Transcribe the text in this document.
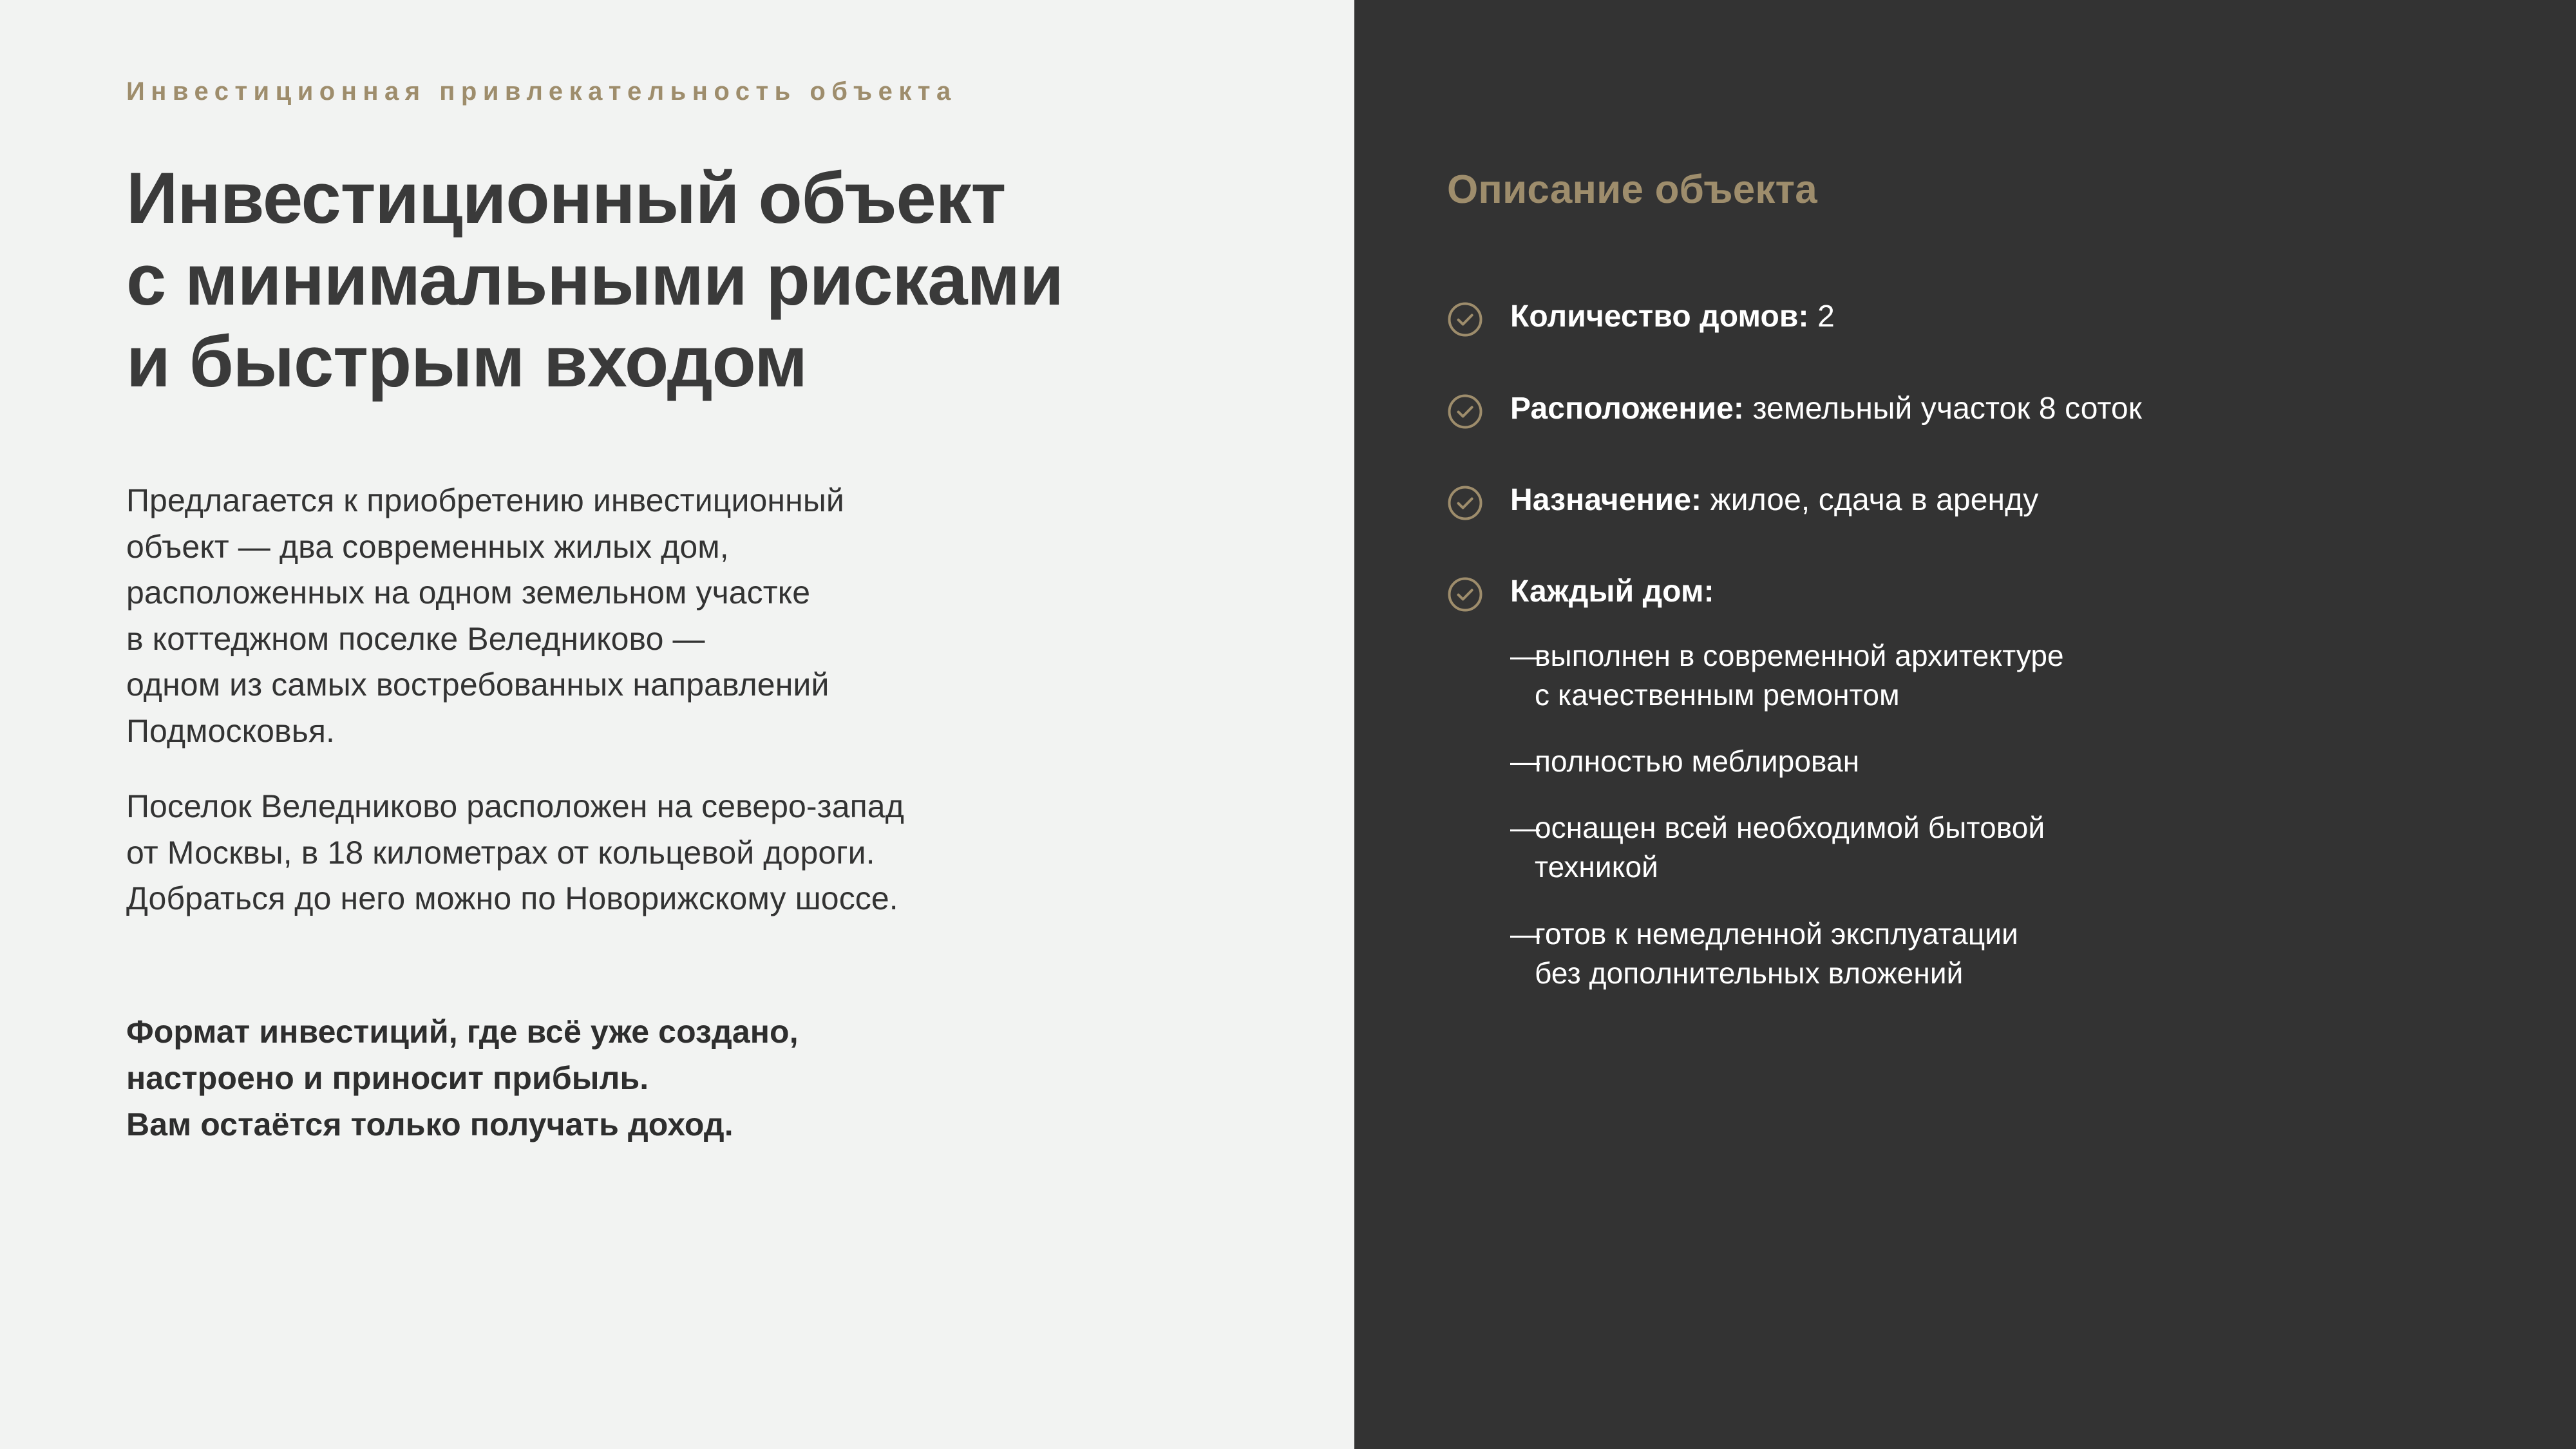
Инвестиционная привлекательность объекта
Инвестиционный объект
с минимальными рисками
и быстрым входом

Предлагается к приобретению инвестиционный
объект — два современных жилых дом,
расположенных на одном земельном участке
в коттеджном поселке Веледниково —
одном из самых востребованных направлений
Подмосковья.

Поселок Веледниково расположен на северо-запад
от Москвы, в 18 километрах от кольцевой дороги.
Добраться до него можно по Новорижскому шоссе.

Формат инвестиций, где всё уже создано,
настроено и приносит прибыль.
Вам остаётся только получать доход.
Описание объекта
Количество домов: 2
Расположение: земельный участок 8 соток
Назначение: жилое, сдача в аренду
Каждый дом:
—
выполнен в современной архитектуре
с качественным ремонтом
—
полностью меблирован
—
оснащен всей необходимой бытовой
техникой
—
готов к немедленной эксплуатации
без дополнительных вложений
